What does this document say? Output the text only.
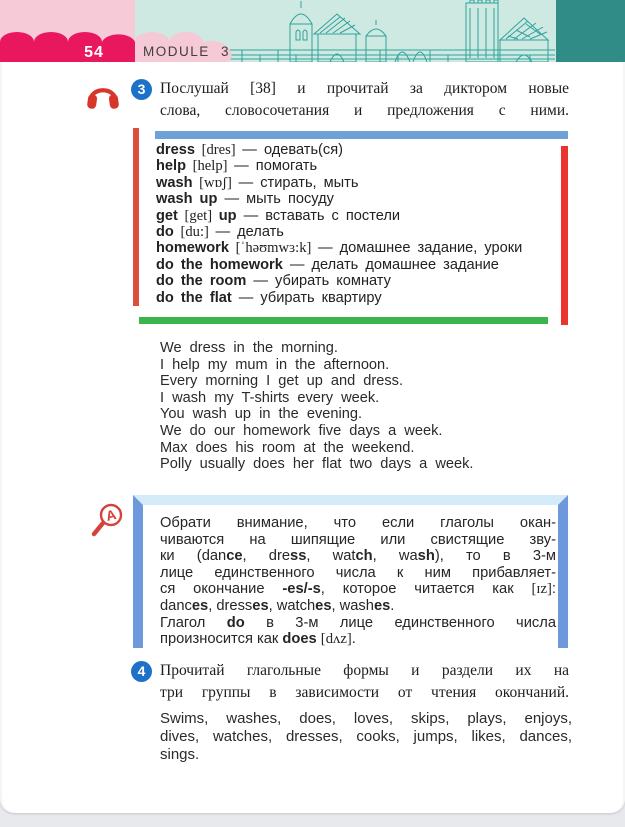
54	MODULE 3
3 Послушай [38] и прочитай за диктором новые
слова, словосочетания и предложения с ними.
dress [dres] — одевать(ся)
help [help] — помогать
wash [wɒʃ] — стирать, мыть
wash up — мыть посуду
get [get] up — вставать с постели
do [du:] — делать
homework [ˈhəʊmwɜ:k] — домашнее задание, уроки
do the homework — делать домашнее задание
do the room — убирать комнату
do the flat — убирать квартиру
We dress in the morning.
I help my mum in the afternoon.
Every morning I get up and dress.
I wash my T-shirts every week.
You wash up in the evening.
We do our homework five days a week.
Max does his room at the weekend.
Polly usually does her flat two days a week.
A	Обрати внимание, что если глаголы окан-
чиваются на шипящие или свистящие зву-
ки (dance, dress, watch, wash), то в 3-м
лице единственного числа к ним прибавляет-
ся окончание -es/-s, которое читается как [ɪz]:
dances, dresses, watches, washes.
Глагол do в 3-м лице единственного числа
произносится как does [dʌz].
4 Прочитай глагольные формы и раздели их на
три группы в зависимости от чтения окончаний.
Swims, washes, does, loves, skips, plays, enjoys,
dives, watches, dresses, cooks, jumps, likes, dances,
sings.
